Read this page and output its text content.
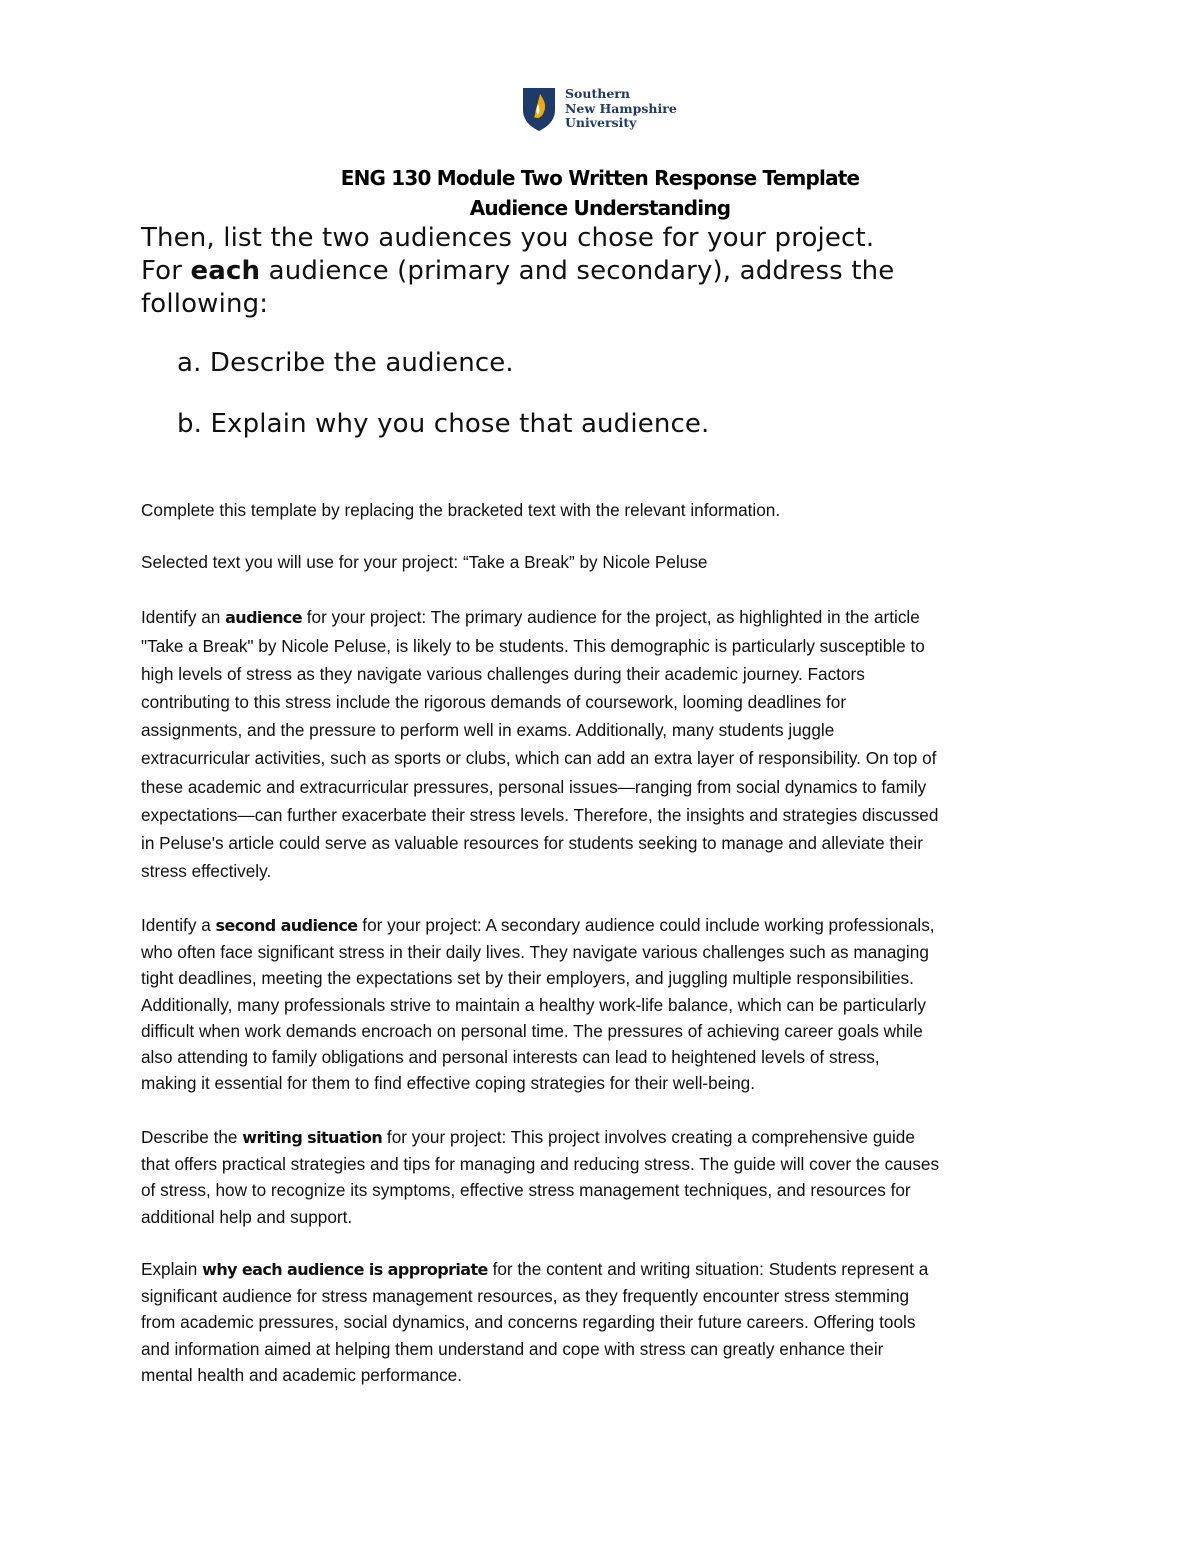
Southern
New Hampshire
University
ENG 130 Module Two Written Response Template
Audience Understanding
Then, list the two audiences you chose for your project.
For each audience (primary and secondary), address the
following:
a. Describe the audience.
b. Explain why you chose that audience.
Complete this template by replacing the bracketed text with the relevant information.
Selected text you will use for your project: “Take a Break” by Nicole Peluse
Identify an audience for your project: The primary audience for the project, as highlighted in the article
"Take a Break" by Nicole Peluse, is likely to be students. This demographic is particularly susceptible to
high levels of stress as they navigate various challenges during their academic journey. Factors
contributing to this stress include the rigorous demands of coursework, looming deadlines for
assignments, and the pressure to perform well in exams. Additionally, many students juggle
extracurricular activities, such as sports or clubs, which can add an extra layer of responsibility. On top of
these academic and extracurricular pressures, personal issues—ranging from social dynamics to family
expectations—can further exacerbate their stress levels. Therefore, the insights and strategies discussed
in Peluse's article could serve as valuable resources for students seeking to manage and alleviate their
stress effectively.
Identify a second audience for your project: A secondary audience could include working professionals,
who often face significant stress in their daily lives. They navigate various challenges such as managing
tight deadlines, meeting the expectations set by their employers, and juggling multiple responsibilities.
Additionally, many professionals strive to maintain a healthy work-life balance, which can be particularly
difficult when work demands encroach on personal time. The pressures of achieving career goals while
also attending to family obligations and personal interests can lead to heightened levels of stress,
making it essential for them to find effective coping strategies for their well-being.
Describe the writing situation for your project: This project involves creating a comprehensive guide
that offers practical strategies and tips for managing and reducing stress. The guide will cover the causes
of stress, how to recognize its symptoms, effective stress management techniques, and resources for
additional help and support.
Explain why each audience is appropriate for the content and writing situation: Students represent a
significant audience for stress management resources, as they frequently encounter stress stemming
from academic pressures, social dynamics, and concerns regarding their future careers. Offering tools
and information aimed at helping them understand and cope with stress can greatly enhance their
mental health and academic performance.
